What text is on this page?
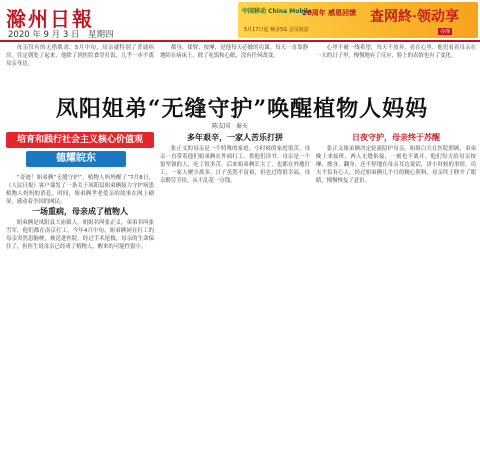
滁州日報
2020 年 9 月 3 日　星期四
中国移动 China Mobile
20周年 感恩回馈 查网終·领动享
5月17日起 畅享5G 会员权益	办理

母亲仅有的无措肌余。5月中旬，母亲就特别了普通病房。住定朝处了起来，他除了到医院食堂打饭，几乎一步不离母亲身边。

都身、揉臂、按摩，是他每天必做的功课。每天一直靠静地陪在病床上，除了吃饭和心眠，没有任何改变。

心里不被一线希望，每天不放弃，看在心里。他们看着母亲在一天的日子里，慢慢地有了反应，脸上的表情也有了变化。

凤阳姐弟“无缝守护”唤醒植物人妈妈
陈友国　秦天
培育和践行社会主义核心价值观
德耀皖东

“奇迹！姐弟俩“无缝守护”，植物人妈妈醒了”7月8日，《人民日报》客户端发了一条关于凤阳县姐弟俩接力守护病患植物人妈妈的消息。时间，姐弟俩孝老爱亲的故事在网上刷屏，感动着全国的网民。

一场重病，母亲成了植物人

姐弟俩是凤阳县大庙镇人，姐姐名叫张正义，弟弟名叫张雪军。他们都在南京打工。今年4月中旬，姐弟俩同在打工的母亲突然患脑梗，被送进医院。经过手术抢救，母亲的生命保住了，但医生说母亲已经成了植物人，醒来的可能性很小。

多年艰辛，一家人苦乐打拼

张正义的母亲是一个特殊的家庭。小时候的家庭很苦，母亲一直带着他们姐弟俩在外面打工，供他们读书。母亲是一个很坚强的人，吃了很多苦。后来姐弟俩长大了，也都在外地打工，一家人聚少离多，日子虽然不富裕，但也过得很幸福。母亲勤劳节俭，从不乱花一分钱。

日夜守护，母亲终于苏醒

张正义姐弟俩决定轮流陪护母亲。姐姐白天在医院照顾，弟弟晚上来接班，两人无缝衔接，一刻也不离开。他们每天给母亲按摩、擦身、翻身，还不停地在母亲耳边说话，讲小时候的事情。功夫不负有心人，经过姐弟俩几个月的精心照料，母亲终于睁开了眼睛，慢慢恢复了意识。
